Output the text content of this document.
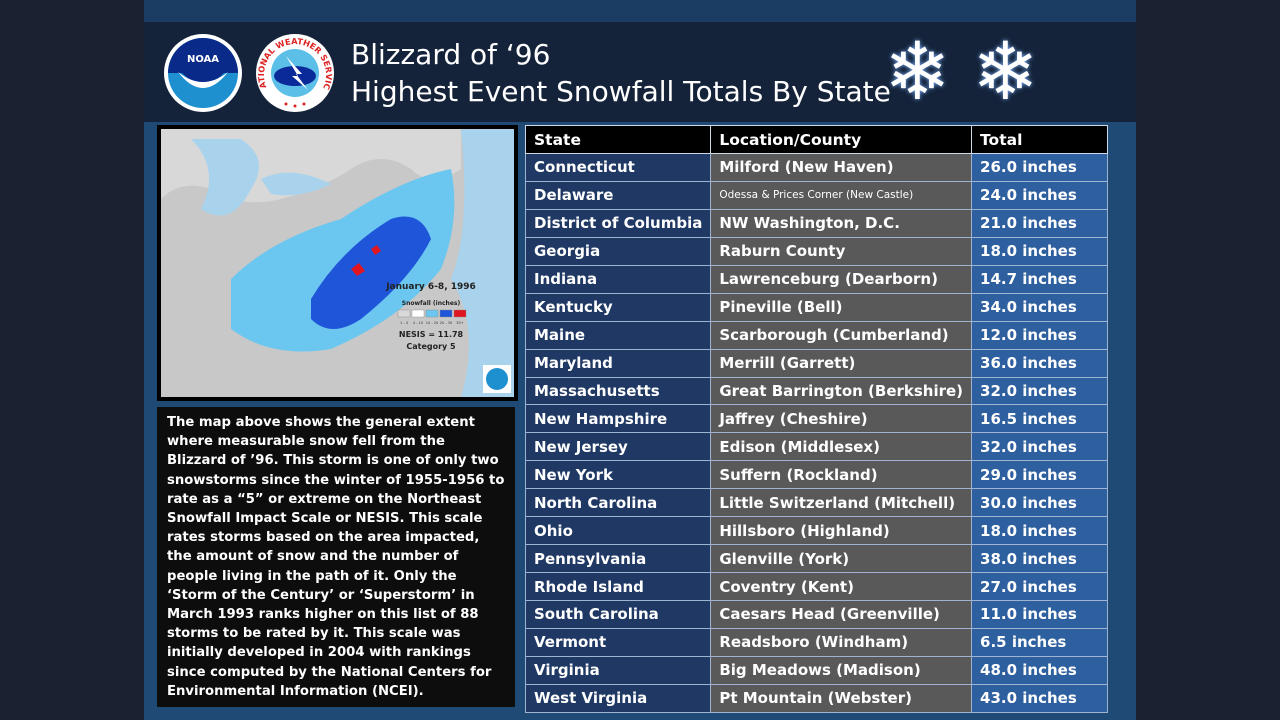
NOAA
ATIONAL WEATHER SERVIC
Blizzard of ‘96
Highest Event Snowfall Totals By State
❄ ❄
January 6-8, 1996
Snowfall (inches)
1 - 4 4 - 10 10 - 20 20 - 30 30+
NESIS = 11.78
Category 5
The map above shows the general extent where measurable snow fell from the Blizzard of ’96. This storm is one of only two snowstorms since the winter of 1955-1956 to rate as a “5” or extreme on the Northeast Snowfall Impact Scale or NESIS. This scale rates storms based on the area impacted, the amount of snow and the number of people living in the path of it. Only the ‘Storm of the Century’ or ‘Superstorm’ in March 1993 ranks higher on this list of 88 storms to be rated by it. This scale was initially developed in 2004 with rankings since computed by the National Centers for Environmental Information (NCEI).
State	Location/County	Total
Connecticut	Milford (New Haven)	26.0 inches
Delaware	Odessa & Prices Corner (New Castle)	24.0 inches
District of Columbia	NW Washington, D.C.	21.0 inches
Georgia	Raburn County	18.0 inches
Indiana	Lawrenceburg (Dearborn)	14.7 inches
Kentucky	Pineville (Bell)	34.0 inches
Maine	Scarborough (Cumberland)	12.0 inches
Maryland	Merrill (Garrett)	36.0 inches
Massachusetts	Great Barrington (Berkshire)	32.0 inches
New Hampshire	Jaffrey (Cheshire)	16.5 inches
New Jersey	Edison (Middlesex)	32.0 inches
New York	Suffern (Rockland)	29.0 inches
North Carolina	Little Switzerland (Mitchell)	30.0 inches
Ohio	Hillsboro (Highland)	18.0 inches
Pennsylvania	Glenville (York)	38.0 inches
Rhode Island	Coventry (Kent)	27.0 inches
South Carolina	Caesars Head (Greenville)	11.0 inches
Vermont	Readsboro (Windham)	6.5 inches
Virginia	Big Meadows (Madison)	48.0 inches
West Virginia	Pt Mountain (Webster)	43.0 inches
